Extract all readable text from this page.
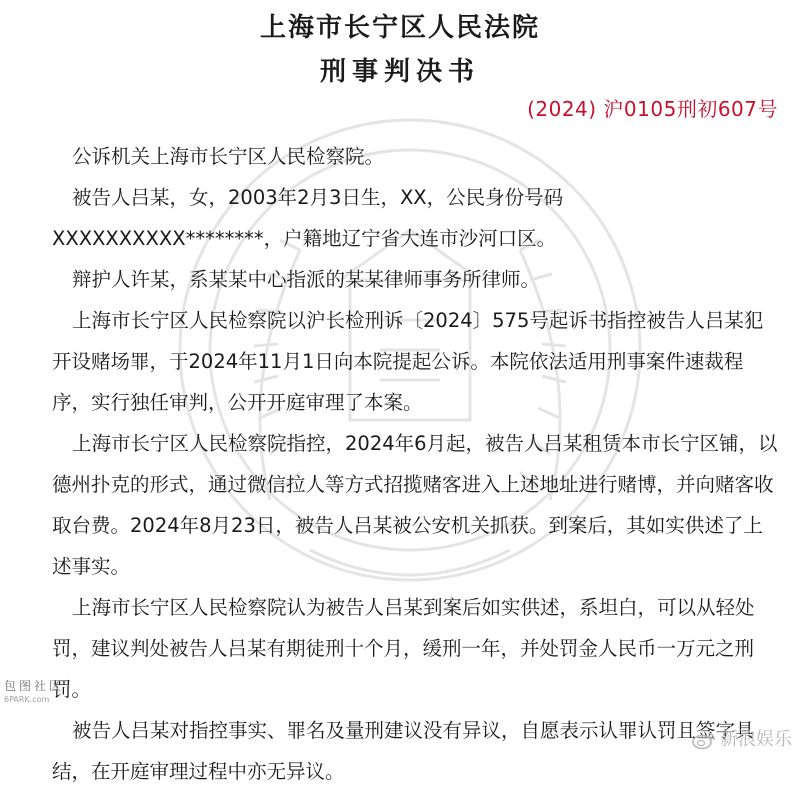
上海市长宁区人民法院
刑事判决书
(2024) 沪0105刑初607号

公诉机关上海市长宁区人民检察院。

被告人吕某，女，2003年2月3日生，XX，公民身份号码XXXXXXXXXX********，户籍地辽宁省大连市沙河口区。

辩护人许某，系某某中心指派的某某律师事务所律师。

上海市长宁区人民检察院以沪长检刑诉〔2024〕575号起诉书指控被告人吕某犯开设赌场罪，于2024年11月1日向本院提起公诉。本院依法适用刑事案件速裁程序，实行独任审判，公开开庭审理了本案。

上海市长宁区人民检察院指控，2024年6月起，被告人吕某租赁本市长宁区铺，以德州扑克的形式，通过微信拉人等方式招揽赌客进入上述地址进行赌博，并向赌客收取台费。2024年8月23日，被告人吕某被公安机关抓获。到案后，其如实供述了上述事实。

上海市长宁区人民检察院认为被告人吕某到案后如实供述，系坦白，可以从轻处罚，建议判处被告人吕某有期徒刑十个月，缓刑一年，并处罚金人民币一万元之刑罚。

被告人吕某对指控事实、罪名及量刑建议没有异议，自愿表示认罪认罚且签字具结，在开庭审理过程中亦无异议。

包图社区
6PARK.com
新浪娱乐
